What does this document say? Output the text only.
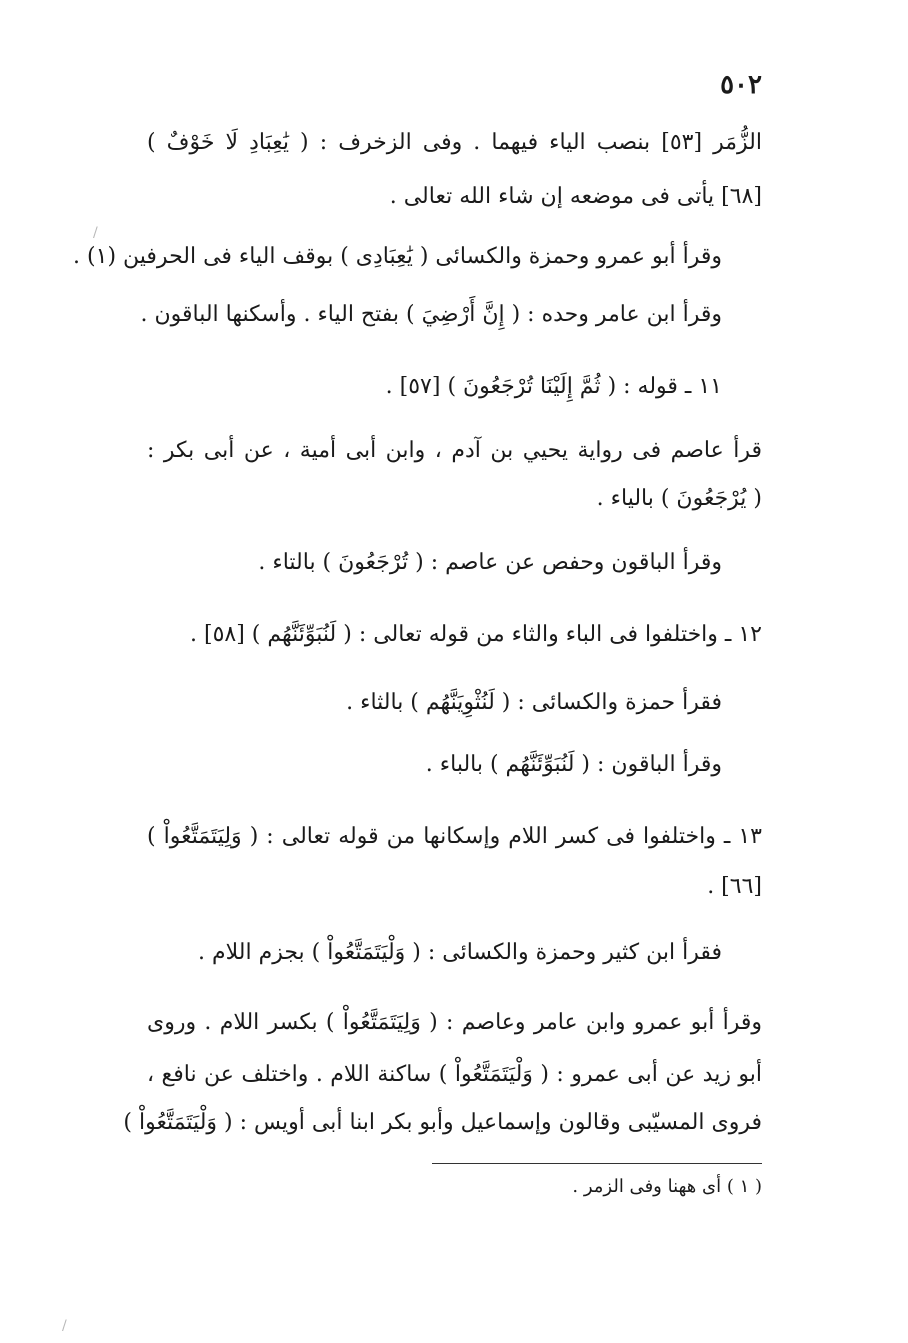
٥٠٢
الزُّمَر [٥٣] بنصب الياء فيهما . وفى الزخرف : ( يَٰعِبَادِ لَا خَوْفٌ )
[٦٨] يأتى فى موضعه إن شاء الله تعالى .
وقرأ أبو عمرو وحمزة والكسائى ( يَٰعِبَادِى ) بوقف الياء فى الحرفين (١) .
وقرأ ابن عامر وحده : ( إِنَّ أَرْضِيَ ) بفتح الياء . وأسكنها الباقون .
١١ ـ قوله : ( ثُمَّ إِلَيْنَا تُرْجَعُونَ ) [٥٧] .
قرأ عاصم فى رواية يحيي بن آدم ، وابن أبى أمية ، عن أبى بكر :
( يُرْجَعُونَ ) بالياء .
وقرأ الباقون وحفص عن عاصم : ( تُرْجَعُونَ ) بالتاء .
١٢ ـ واختلفوا فى الباء والثاء من قوله تعالى : ( لَنُبَوِّئَنَّهُم ) [٥٨] .
فقرأ حمزة والكسائى : ( لَنُثْوِيَنَّهُم ) بالثاء .
وقرأ الباقون : ( لَنُبَوِّئَنَّهُم ) بالباء .
١٣ ـ واختلفوا فى كسر اللام وإسكانها من قوله تعالى : ( وَلِيَتَمَتَّعُواْ )
[٦٦] .
فقرأ ابن كثير وحمزة والكسائى : ( وَلْيَتَمَتَّعُواْ ) بجزم اللام .
وقرأ أبو عمرو وابن عامر وعاصم : ( وَلِيَتَمَتَّعُواْ ) بكسر اللام . وروى
أبو زيد عن أبى عمرو : ( وَلْيَتَمَتَّعُواْ ) ساكنة اللام . واختلف عن نافع ،
فروى المسيّبى وقالون وإسماعيل وأبو بكر ابنا أبى أويس : ( وَلْيَتَمَتَّعُواْ )
( ١ ) أى ههنا وفى الزمر .
/
/
